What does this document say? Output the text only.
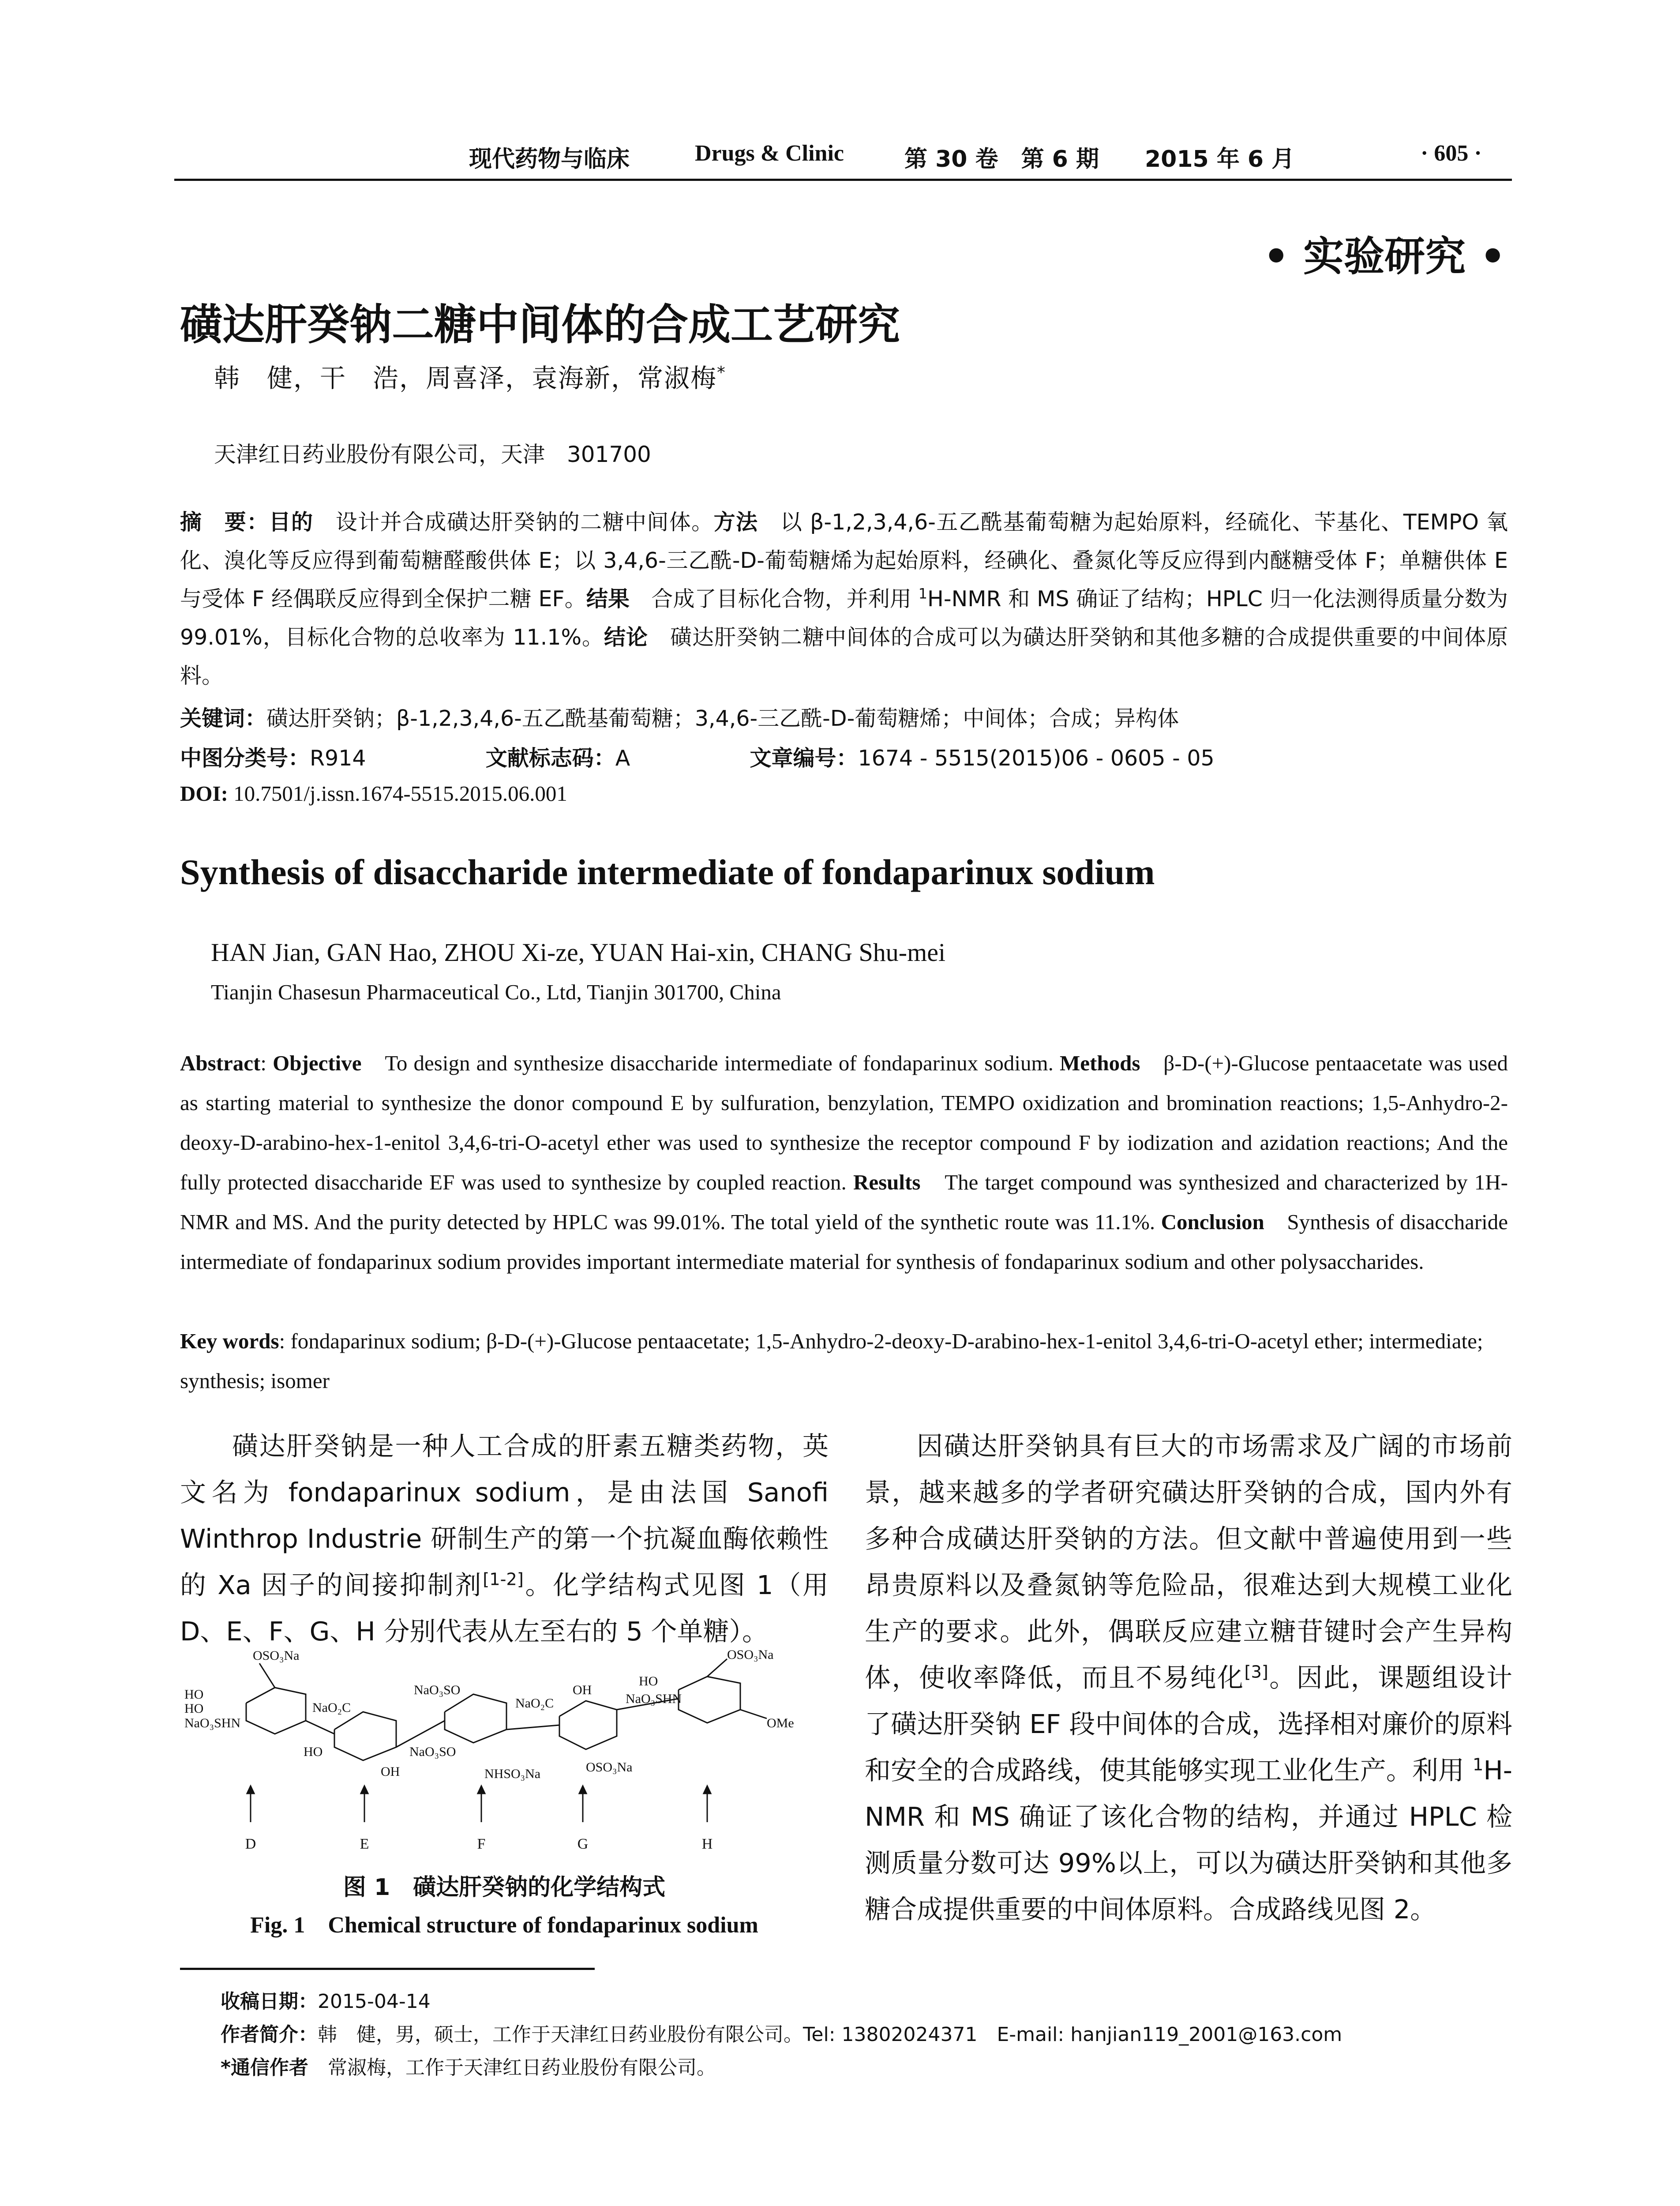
现代药物与临床	Drugs & Clinic	第 30 卷　第 6 期 2015 年 6 月	· 605 ·
• 实验研究 •
磺达肝癸钠二糖中间体的合成工艺研究
韩　健，干　浩，周喜泽，袁海新，常淑梅*
天津红日药业股份有限公司，天津　301700
摘　要：目的　设计并合成磺达肝癸钠的二糖中间体。方法　以 β-1,2,3,4,6-五乙酰基葡萄糖为起始原料，经硫化、苄基化、TEMPO 氧化、溴化等反应得到葡萄糖醛酸供体 E；以 3,4,6-三乙酰-D-葡萄糖烯为起始原料，经碘化、叠氮化等反应得到内醚糖受体 F；单糖供体 E 与受体 F 经偶联反应得到全保护二糖 EF。结果　合成了目标化合物，并利用 $^1$H-NMR 和 MS 确证了结构；HPLC 归一化法测得质量分数为 99.01%，目标化合物的总收率为 11.1%。结论　磺达肝癸钠二糖中间体的合成可以为磺达肝癸钠和其他多糖的合成提供重要的中间体原料。
关键词：磺达肝癸钠；β-1,2,3,4,6-五乙酰基葡萄糖；3,4,6-三乙酰-D-葡萄糖烯；中间体；合成；异构体
中图分类号：R914	文献标志码：A	文章编号：1674 - 5515(2015)06 - 0605 - 05
DOI: 10.7501/j.issn.1674-5515.2015.06.001
Synthesis of disaccharide intermediate of fondaparinux sodium
HAN Jian, GAN Hao, ZHOU Xi-ze, YUAN Hai-xin, CHANG Shu-mei
Tianjin Chasesun Pharmaceutical Co., Ltd, Tianjin 301700, China
Abstract: Objective　To design and synthesize disaccharide intermediate of fondaparinux sodium. Methods　β-D-(+)-Glucose pentaacetate was used as starting material to synthesize the donor compound E by sulfuration, benzylation, TEMPO oxidization and bromination reactions; 1,5-Anhydro-2-deoxy-D-arabino-hex-1-enitol 3,4,6-tri-O-acetyl ether was used to synthesize the receptor compound F by iodization and azidation reactions; And the fully protected disaccharide EF was used to synthesize by coupled reaction. Results　The target compound was synthesized and characterized by 1H-NMR and MS. And the purity detected by HPLC was 99.01%. The total yield of the synthetic route was 11.1%. Conclusion　Synthesis of disaccharide intermediate of fondaparinux sodium provides important intermediate material for synthesis of fondaparinux sodium and other polysaccharides.
Key words: fondaparinux sodium; β-D-(+)-Glucose pentaacetate; 1,5-Anhydro-2-deoxy-D-arabino-hex-1-enitol 3,4,6-tri-O-acetyl ether; intermediate; synthesis; isomer
磺达肝癸钠是一种人工合成的肝素五糖类药物，英文名为 fondaparinux sodium，是由法国 Sanofi Winthrop Industrie 研制生产的第一个抗凝血酶依赖性的 Xa 因子的间接抑制剂[1-2]。化学结构式见图 1（用 D、E、F、G、H 分别代表从左至右的 5 个单糖）。
因磺达肝癸钠具有巨大的市场需求及广阔的市场前景，越来越多的学者研究磺达肝癸钠的合成，国内外有多种合成磺达肝癸钠的方法。但文献中普遍使用到一些昂贵原料以及叠氮钠等危险品，很难达到大规模工业化生产的要求。此外，偶联反应建立糖苷键时会产生异构体，使收率降低，而且不易纯化[3]。因此，课题组设计了磺达肝癸钠 EF 段中间体的合成，选择相对廉价的原料和安全的合成路线，使其能够实现工业化生产。利用 $^1$H-NMR 和 MS 确证了该化合物的结构，并通过 HPLC 检测质量分数可达 99%以上，可以为磺达肝癸钠和其他多糖合成提供重要的中间体原料。合成路线见图 2。
OSO₃Na
HO
HO
NaO₃SHN
NaO₂C
HO
OH
NaO₃SO
NaO₃SO
NHSO₃Na
NaO₂C
OH
OSO₃Na
OSO₃Na
HO
NaO₃SHN
OMe
D	E	F	G	H
图 1　磺达肝癸钠的化学结构式
Fig. 1　Chemical structure of fondaparinux sodium
收稿日期：2015-04-14
作者简介：韩　健，男，硕士，工作于天津红日药业股份有限公司。Tel: 13802024371　E-mail: hanjian119_2001@163.com
*通信作者　常淑梅，工作于天津红日药业股份有限公司。
